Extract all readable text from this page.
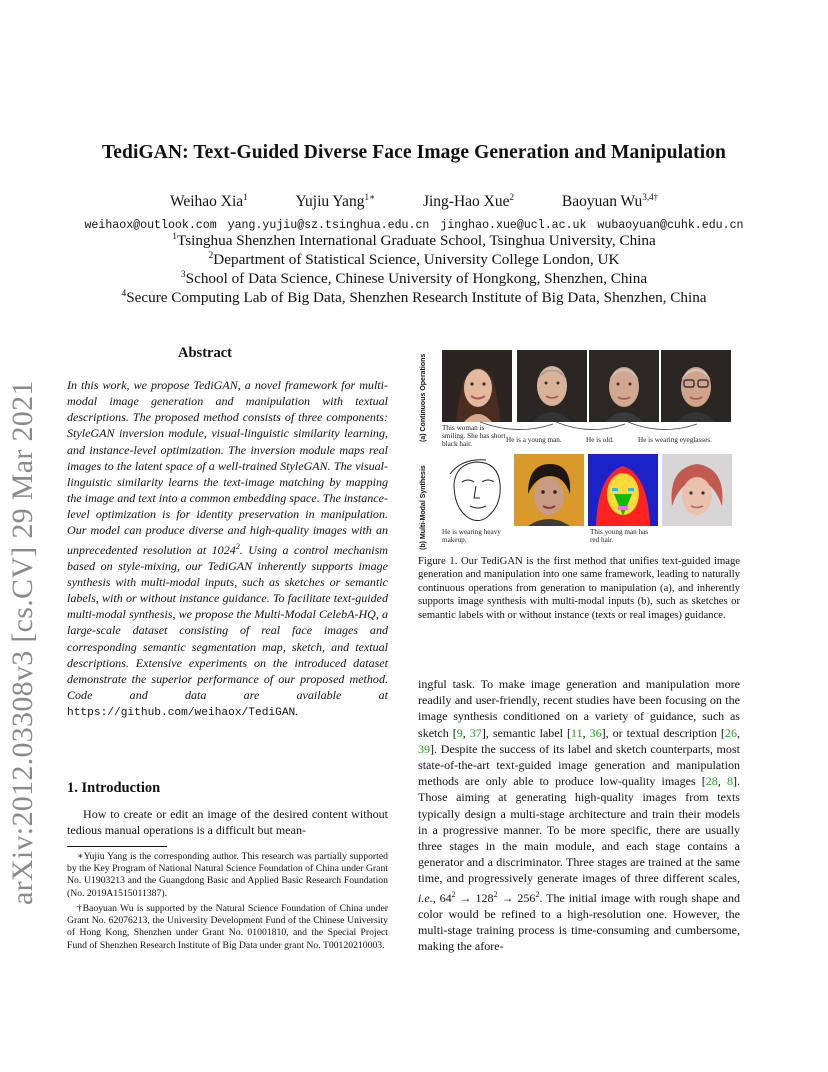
arXiv:2012.03308v3 [cs.CV] 29 Mar 2021
TediGAN: Text-Guided Diverse Face Image Generation and Manipulation
Weihao Xia$^1$	Yujiu Yang$^{1∗}$	Jing-Hao Xue$^2$	Baoyuan $Wu^{3,4\dagger}$
weihaox@outlook.com yang.yujiu@sz.tsinghua.edu.cn jinghao.xue@ucl.ac.uk wubaoyuan@cuhk.edu.cn
$^1$Tsinghua Shenzhen International Graduate School, Tsinghua University, China
$^2$Department of Statistical Science, University College London, UK
$^3$School of Data Science, Chinese University of Hongkong, Shenzhen, China
$^4$Secure Computing Lab of Big Data, Shenzhen Research Institute of Big Data, Shenzhen, China
Abstract
In this work, we propose TediGAN, a novel framework for multi-modal image generation and manipulation with textual descriptions. The proposed method consists of three components: StyleGAN inversion module, visual-linguistic similarity learning, and instance-level optimization. The inversion module maps real images to the latent space of a well-trained StyleGAN. The visual-linguistic similarity learns the text-image matching by mapping the image and text into a common embedding space. The instance-level optimization is for identity preservation in manipulation. Our model can produce diverse and high-quality images with an unprecedented resolution at 1024$^2$. Using a control mechanism based on style-mixing, our TediGAN inherently supports image synthesis with multi-modal inputs, such as sketches or semantic labels, with or without instance guidance. To facilitate text-guided multi-modal synthesis, we propose the Multi-Modal CelebA-HQ, a large-scale dataset consisting of real face images and corresponding semantic segmentation map, sketch, and textual descriptions. Extensive experiments on the introduced dataset demonstrate the superior performance of our proposed method. Code and data are available at https://github.com/weihaox/TediGAN.
1. Introduction
How to create or edit an image of the desired content without tedious manual operations is a difficult but mean-
∗Yujiu Yang is the corresponding author. This research was partially supported by the Key Program of National Natural Science Foundation of China under Grant No. U1903213 and the Guangdong Basic and Applied Basic Research Foundation (No. 2019A1515011387).
†Baoyuan Wu is supported by the Natural Science Foundation of China under Grant No. 62076213, the University Development Fund of the Chinese University of Hong Kong, Shenzhen under Grant No. 01001810, and the Special Project Fund of Shenzhen Research Institute of Big Data under grant No. T00120210003.
(a) Continuous Operations
(b) Multi-Modal Synthesis
This woman is smiling. She has short black hair.
He is a young man.	He is old.	He is wearing eyeglasses.
He is wearing heavy makeup.
This young man has red hair.
Figure 1. Our TediGAN is the first method that unifies text-guided image generation and manipulation into one same framework, leading to naturally continuous operations from generation to manipulation (a), and inherently supports image synthesis with multi-modal inputs (b), such as sketches or semantic labels with or without instance (texts or real images) guidance.
ingful task. To make image generation and manipulation more readily and user-friendly, recent studies have been focusing on the image synthesis conditioned on a variety of guidance, such as sketch [9, 37], semantic label [11, 36], or textual description [26, 39]. Despite the success of its label and sketch counterparts, most state-of-the-art text-guided image generation and manipulation methods are only able to produce low-quality images [28, 8]. Those aiming at generating high-quality images from texts typically design a multi-stage architecture and train their models in a progressive manner. To be more specific, there are usually three stages in the main module, and each stage contains a generator and a discriminator. Three stages are trained at the same time, and progressively generate images of three different scales, i.e., $64^2 \to 128^2 \to 256^2$. The initial image with rough shape and color would be refined to a high-resolution one. However, the multi-stage training process is time-consuming and cumbersome, making the afore-
